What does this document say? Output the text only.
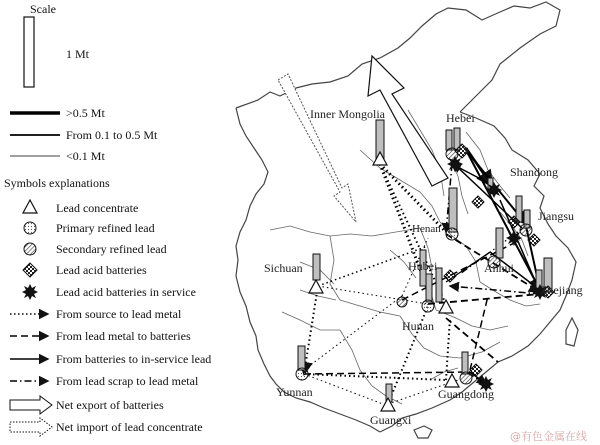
Scale
1 Mt
>0.5 Mt
From 0.1 to 0.5 Mt
<0.1 Mt
Symbols explanations
Lead concentrate
Primary refined lead
Secondary refined lead
Lead acid batteries
Lead acid batteries in service
From source to lead metal
From lead metal to batteries
From batteries to in-service lead
From lead scrap to lead metal
Net export of batteries
Net import of lead concentrate
Hebei
Inner Mongolia
Shandong
Jiangsu
Henan
Anhui
Hubei
Sichuan
Zhejiang
Hunan
Yunnan	Guangdong
Guangxi
@有色金属在线
